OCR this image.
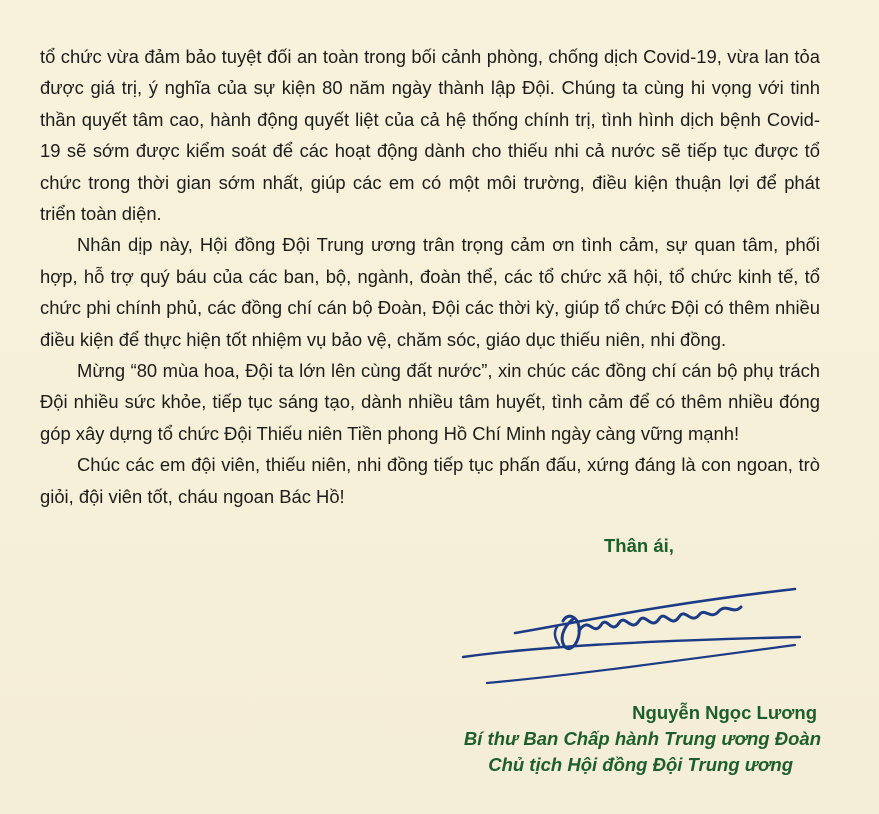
tổ chức vừa đảm bảo tuyệt đối an toàn trong bối cảnh phòng, chống dịch Covid-19, vừa lan tỏa được giá trị, ý nghĩa của sự kiện 80 năm ngày thành lập Đội. Chúng ta cùng hi vọng với tinh thần quyết tâm cao, hành động quyết liệt của cả hệ thống chính trị, tình hình dịch bệnh Covid-19 sẽ sớm được kiểm soát để các hoạt động dành cho thiếu nhi cả nước sẽ tiếp tục được tổ chức trong thời gian sớm nhất, giúp các em có một môi trường, điều kiện thuận lợi để phát triển toàn diện.

Nhân dịp này, Hội đồng Đội Trung ương trân trọng cảm ơn tình cảm, sự quan tâm, phối hợp, hỗ trợ quý báu của các ban, bộ, ngành, đoàn thể, các tổ chức xã hội, tổ chức kinh tế, tổ chức phi chính phủ, các đồng chí cán bộ Đoàn, Đội các thời kỳ, giúp tổ chức Đội có thêm nhiều điều kiện để thực hiện tốt nhiệm vụ bảo vệ, chăm sóc, giáo dục thiếu niên, nhi đồng.

Mừng “80 mùa hoa, Đội ta lớn lên cùng đất nước”, xin chúc các đồng chí cán bộ phụ trách Đội nhiều sức khỏe, tiếp tục sáng tạo, dành nhiều tâm huyết, tình cảm để có thêm nhiều đóng góp xây dựng tổ chức Đội Thiếu niên Tiền phong Hồ Chí Minh ngày càng vững mạnh!

Chúc các em đội viên, thiếu niên, nhi đồng tiếp tục phấn đấu, xứng đáng là con ngoan, trò giỏi, đội viên tốt, cháu ngoan Bác Hồ!

Thân ái,
Nguyễn Ngọc Lương
Bí thư Ban Chấp hành Trung ương Đoàn
Chủ tịch Hội đồng Đội Trung ương
